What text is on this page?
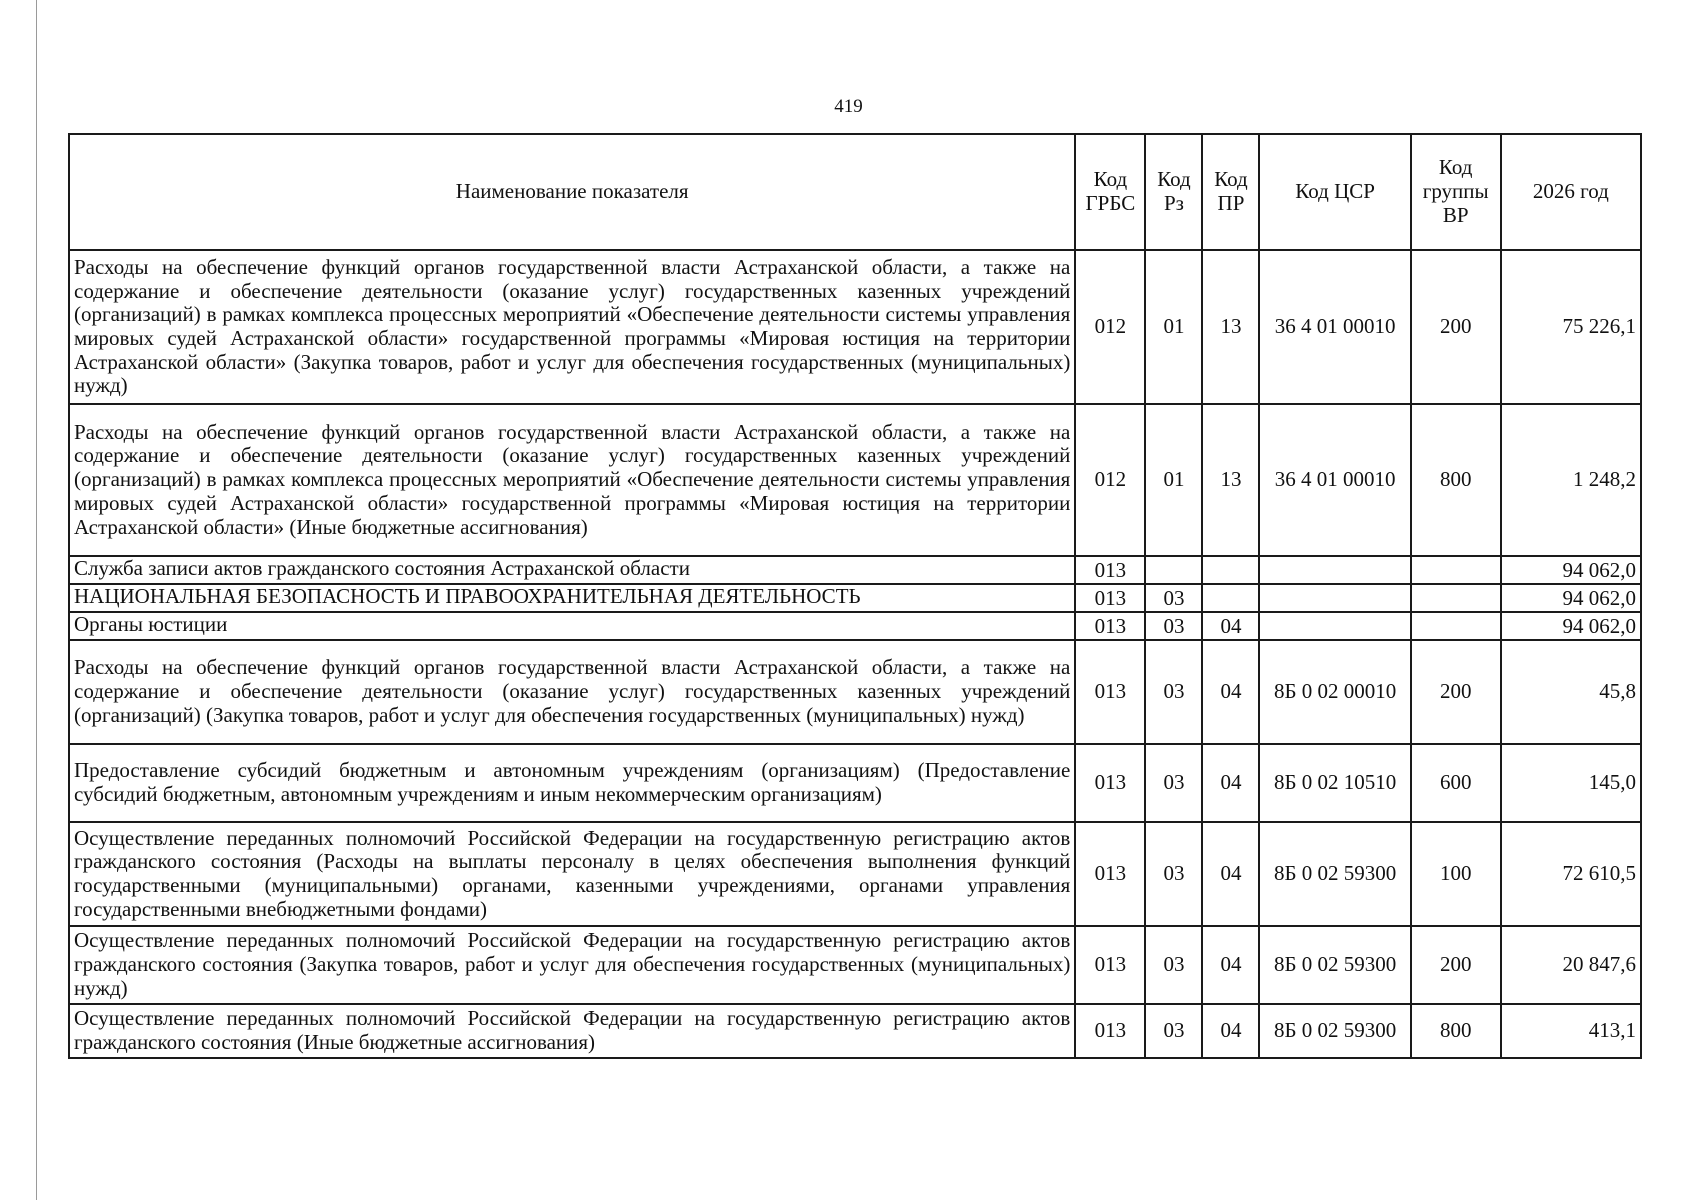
419
Наименование показателя	Код ГРБС	Код Рз	Код ПР	Код ЦСР	Код группы ВР	2026 год
Расходы на обеспечение функций органов государственной власти Астраханской области, а также на содержание и обеспечение деятельности (оказание услуг) государственных казенных учреждений (организаций) в рамках комплекса процессных мероприятий «Обеспечение деятельности системы управления мировых судей Астраханской области» государственной программы «Мировая юстиция на территории Астраханской области» (Закупка товаров, работ и услуг для обеспечения государственных (муниципальных) нужд)	012	01	13	36 4 01 00010	200	75 226,1
Расходы на обеспечение функций органов государственной власти Астраханской области, а также на содержание и обеспечение деятельности (оказание услуг) государственных казенных учреждений (организаций) в рамках комплекса процессных мероприятий «Обеспечение деятельности системы управления мировых судей Астраханской области» государственной программы «Мировая юстиция на территории Астраханской области» (Иные бюджетные ассигнования)	012	01	13	36 4 01 00010	800	1 248,2
Служба записи актов гражданского состояния Астраханской области	013					94 062,0
НАЦИОНАЛЬНАЯ БЕЗОПАСНОСТЬ И ПРАВООХРАНИТЕЛЬНАЯ ДЕЯТЕЛЬНОСТЬ	013	03				94 062,0
Органы юстиции	013	03	04			94 062,0
Расходы на обеспечение функций органов государственной власти Астраханской области, а также на содержание и обеспечение деятельности (оказание услуг) государственных казенных учреждений (организаций) (Закупка товаров, работ и услуг для обеспечения государственных (муниципальных) нужд)	013	03	04	8Б 0 02 00010	200	45,8
Предоставление субсидий бюджетным и автономным учреждениям (организациям) (Предоставление субсидий бюджетным, автономным учреждениям и иным некоммерческим организациям)	013	03	04	8Б 0 02 10510	600	145,0
Осуществление переданных полномочий Российской Федерации на государственную регистрацию актов гражданского состояния (Расходы на выплаты персоналу в целях обеспечения выполнения функций государственными (муниципальными) органами, казенными учреждениями, органами управления государственными внебюджетными фондами)	013	03	04	8Б 0 02 59300	100	72 610,5
Осуществление переданных полномочий Российской Федерации на государственную регистрацию актов гражданского состояния (Закупка товаров, работ и услуг для обеспечения государственных (муниципальных) нужд)	013	03	04	8Б 0 02 59300	200	20 847,6
Осуществление переданных полномочий Российской Федерации на государственную регистрацию актов гражданского состояния (Иные бюджетные ассигнования)	013	03	04	8Б 0 02 59300	800	413,1
